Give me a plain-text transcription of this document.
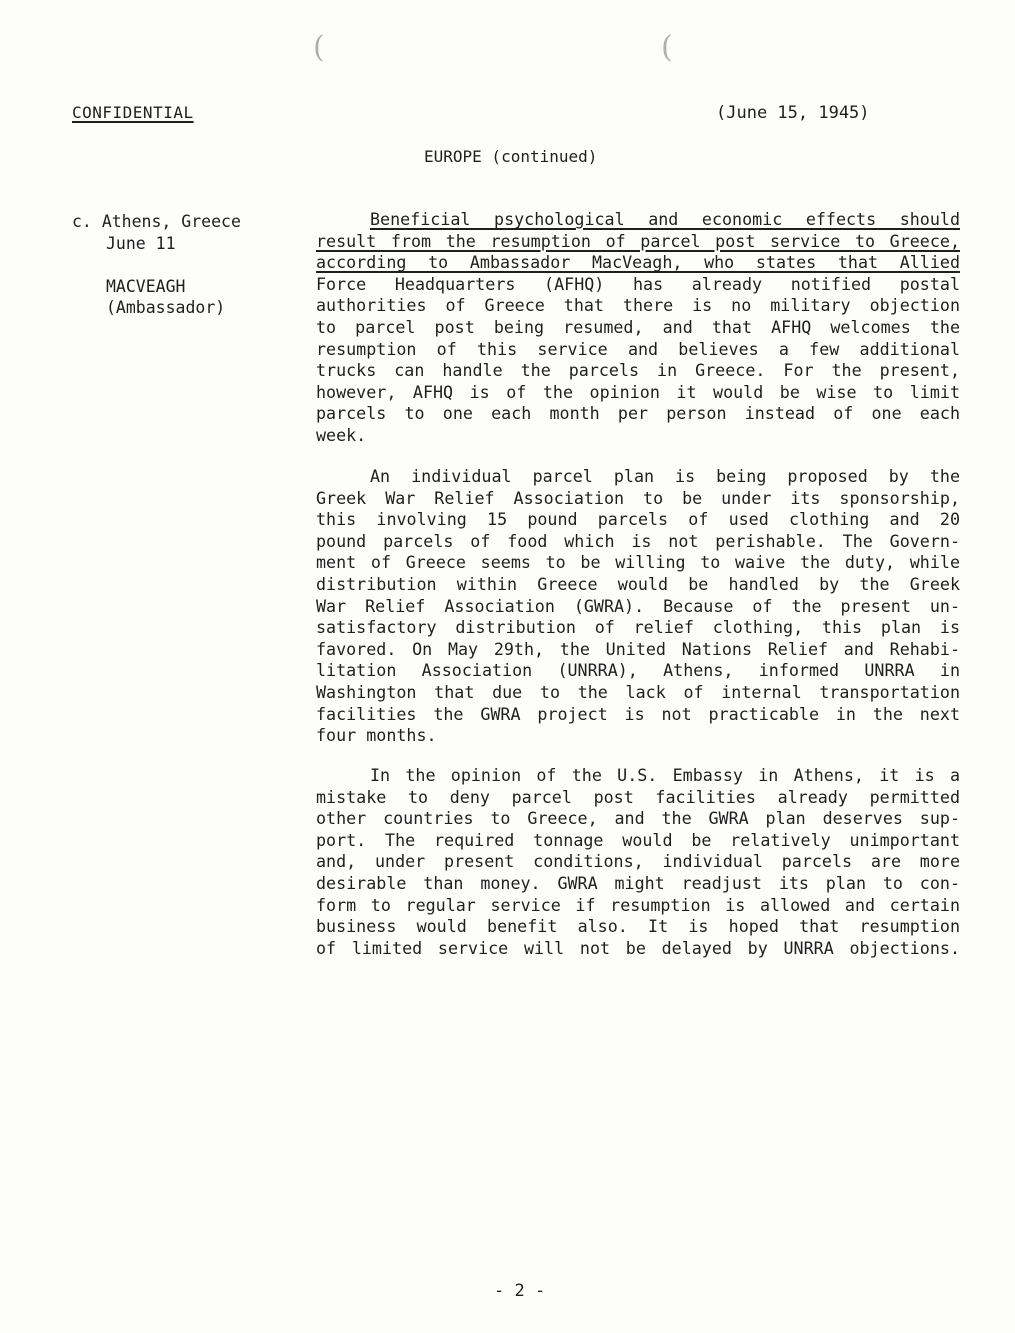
(	(
CONFIDENTIAL	(June 15, 1945)
EUROPE (continued)
c. Athens, Greece
June 11
MACVEAGH
(Ambassador)
Beneficial psychological and economic effects should
result from the resumption of parcel post service to Greece,
according to Ambassador MacVeagh, who states that Allied
Force Headquarters (AFHQ) has already notified postal
authorities of Greece that there is no military objection
to parcel post being resumed, and that AFHQ welcomes the
resumption of this service and believes a few additional
trucks can handle the parcels in Greece. For the present,
however, AFHQ is of the opinion it would be wise to limit
parcels to one each month per person instead of one each
week.
An individual parcel plan is being proposed by the
Greek War Relief Association to be under its sponsorship,
this involving 15 pound parcels of used clothing and 20
pound parcels of food which is not perishable. The Govern-
ment of Greece seems to be willing to waive the duty, while
distribution within Greece would be handled by the Greek
War Relief Association (GWRA). Because of the present un-
satisfactory distribution of relief clothing, this plan is
favored. On May 29th, the United Nations Relief and Rehabi-
litation Association (UNRRA), Athens, informed UNRRA in
Washington that due to the lack of internal transportation
facilities the GWRA project is not practicable in the next
four months.
In the opinion of the U.S. Embassy in Athens, it is a
mistake to deny parcel post facilities already permitted
other countries to Greece, and the GWRA plan deserves sup-
port. The required tonnage would be relatively unimportant
and, under present conditions, individual parcels are more
desirable than money. GWRA might readjust its plan to con-
form to regular service if resumption is allowed and certain
business would benefit also. It is hoped that resumption
of limited service will not be delayed by UNRRA objections.
- 2 -
